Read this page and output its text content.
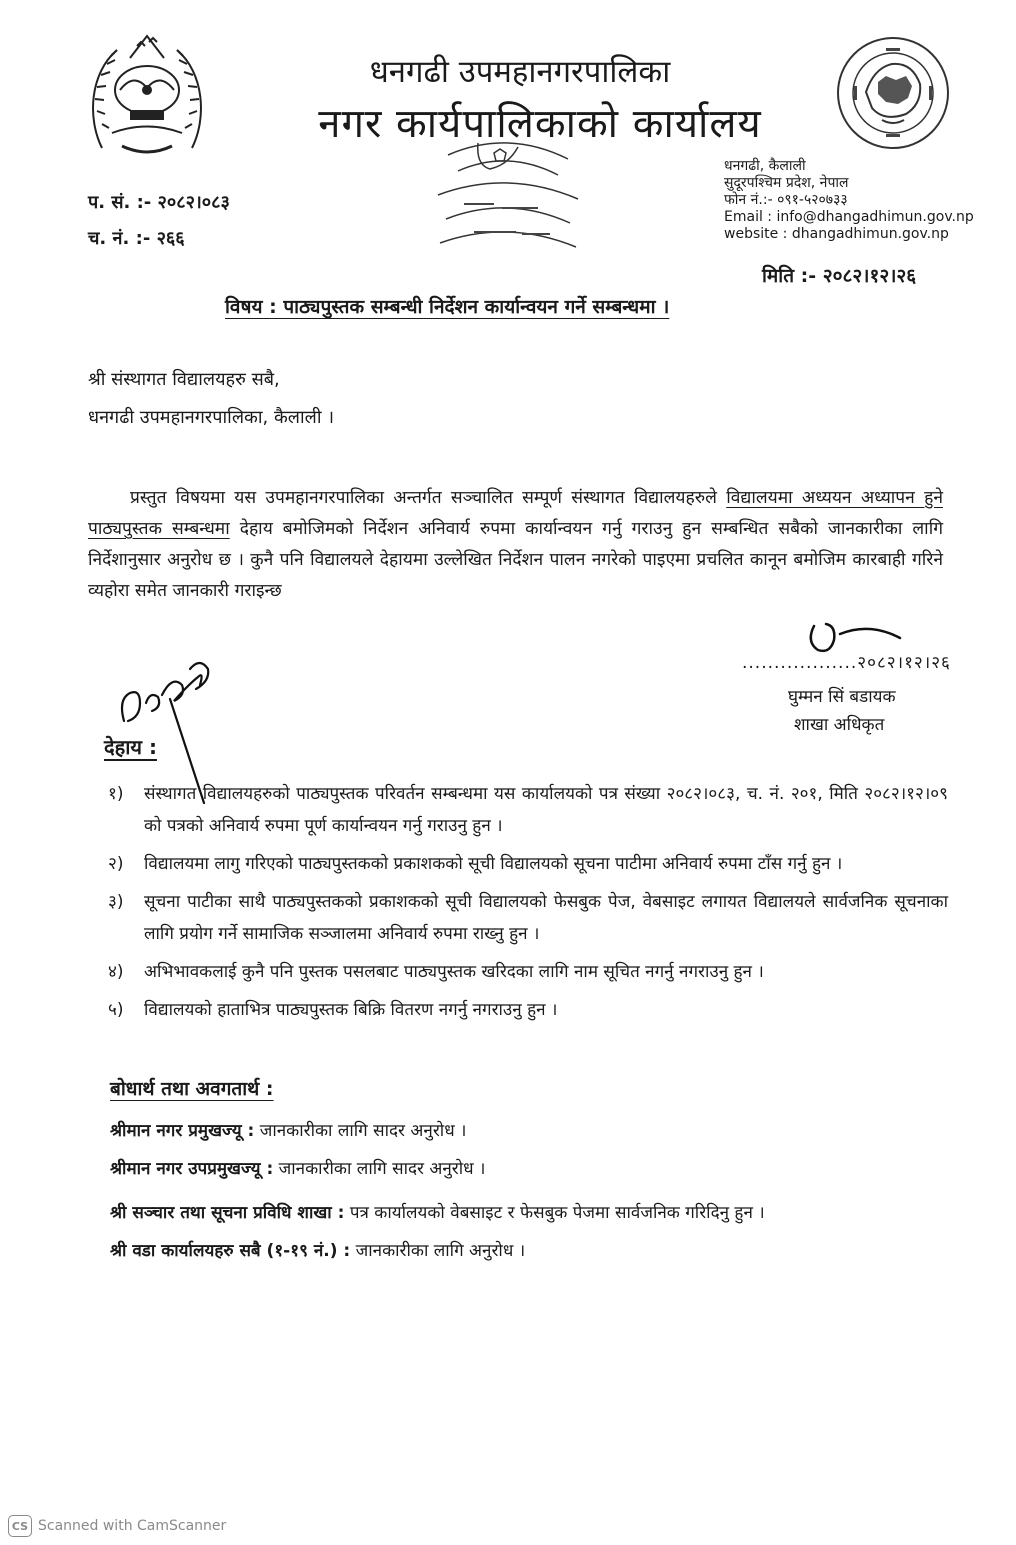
धनगढी उपमहानगरपालिका
नगर कार्यपालिकाको कार्यालय
धनगढी, कैलाली
सुदूरपश्चिम प्रदेश, नेपाल
फोन नं.:- ०९१-५२०७३३
Email : info@dhangadhimun.gov.np
website : dhangadhimun.gov.np
प. सं. :- २०८२।०८३
च. नं. :- २६६
मिति :- २०८२।१२।२६
विषय : पाठ्यपुस्तक सम्बन्धी निर्देशन कार्यान्वयन गर्ने सम्बन्धमा ।
श्री संस्थागत विद्यालयहरु सबै,
धनगढी उपमहानगरपालिका, कैलाली ।
प्रस्तुत विषयमा यस उपमहानगरपालिका अन्तर्गत सञ्चालित सम्पूर्ण संस्थागत विद्यालयहरुले विद्यालयमा अध्ययन अध्यापन हुने पाठ्यपुस्तक सम्बन्धमा देहाय बमोजिमको निर्देशन अनिवार्य रुपमा कार्यान्वयन गर्नु गराउनु हुन सम्बन्धित सबैको जानकारीका लागि निर्देशानुसार अनुरोध छ । कुनै पनि विद्यालयले देहायमा उल्लेखित निर्देशन पालन नगरेको पाइएमा प्रचलित कानून बमोजिम कारबाही गरिने व्यहोरा समेत जानकारी गराइन्छ
..................२०८२।१२।२६
घुम्मन सिं बडायक
शाखा अधिकृत
देहाय :
१)	संस्थागत विद्यालयहरुको पाठ्यपुस्तक परिवर्तन सम्बन्धमा यस कार्यालयको पत्र संख्या २०८२।०८३, च. नं. २०१, मिति २०८२।१२।०९ को पत्रको अनिवार्य रुपमा पूर्ण कार्यान्वयन गर्नु गराउनु हुन ।
२)	विद्यालयमा लागु गरिएको पाठ्यपुस्तकको प्रकाशकको सूची विद्यालयको सूचना पाटीमा अनिवार्य रुपमा टाँस गर्नु हुन ।
३)	सूचना पाटीका साथै पाठ्यपुस्तकको प्रकाशकको सूची विद्यालयको फेसबुक पेज, वेबसाइट लगायत विद्यालयले सार्वजनिक सूचनाका लागि प्रयोग गर्ने सामाजिक सञ्जालमा अनिवार्य रुपमा राख्नु हुन ।
४)	अभिभावकलाई कुनै पनि पुस्तक पसलबाट पाठ्यपुस्तक खरिदका लागि नाम सूचित नगर्नु नगराउनु हुन ।
५)	विद्यालयको हाताभित्र पाठ्यपुस्तक बिक्रि वितरण नगर्नु नगराउनु हुन ।
बोधार्थ तथा अवगतार्थ :
श्रीमान नगर प्रमुखज्यू : जानकारीका लागि सादर अनुरोध ।
श्रीमान नगर उपप्रमुखज्यू : जानकारीका लागि सादर अनुरोध ।
श्री सञ्चार तथा सूचना प्रविधि शाखा : पत्र कार्यालयको वेबसाइट र फेसबुक पेजमा सार्वजनिक गरिदिनु हुन ।
श्री वडा कार्यालयहरु सबै (१-१९ नं.) : जानकारीका लागि अनुरोध ।
CS Scanned with CamScanner
